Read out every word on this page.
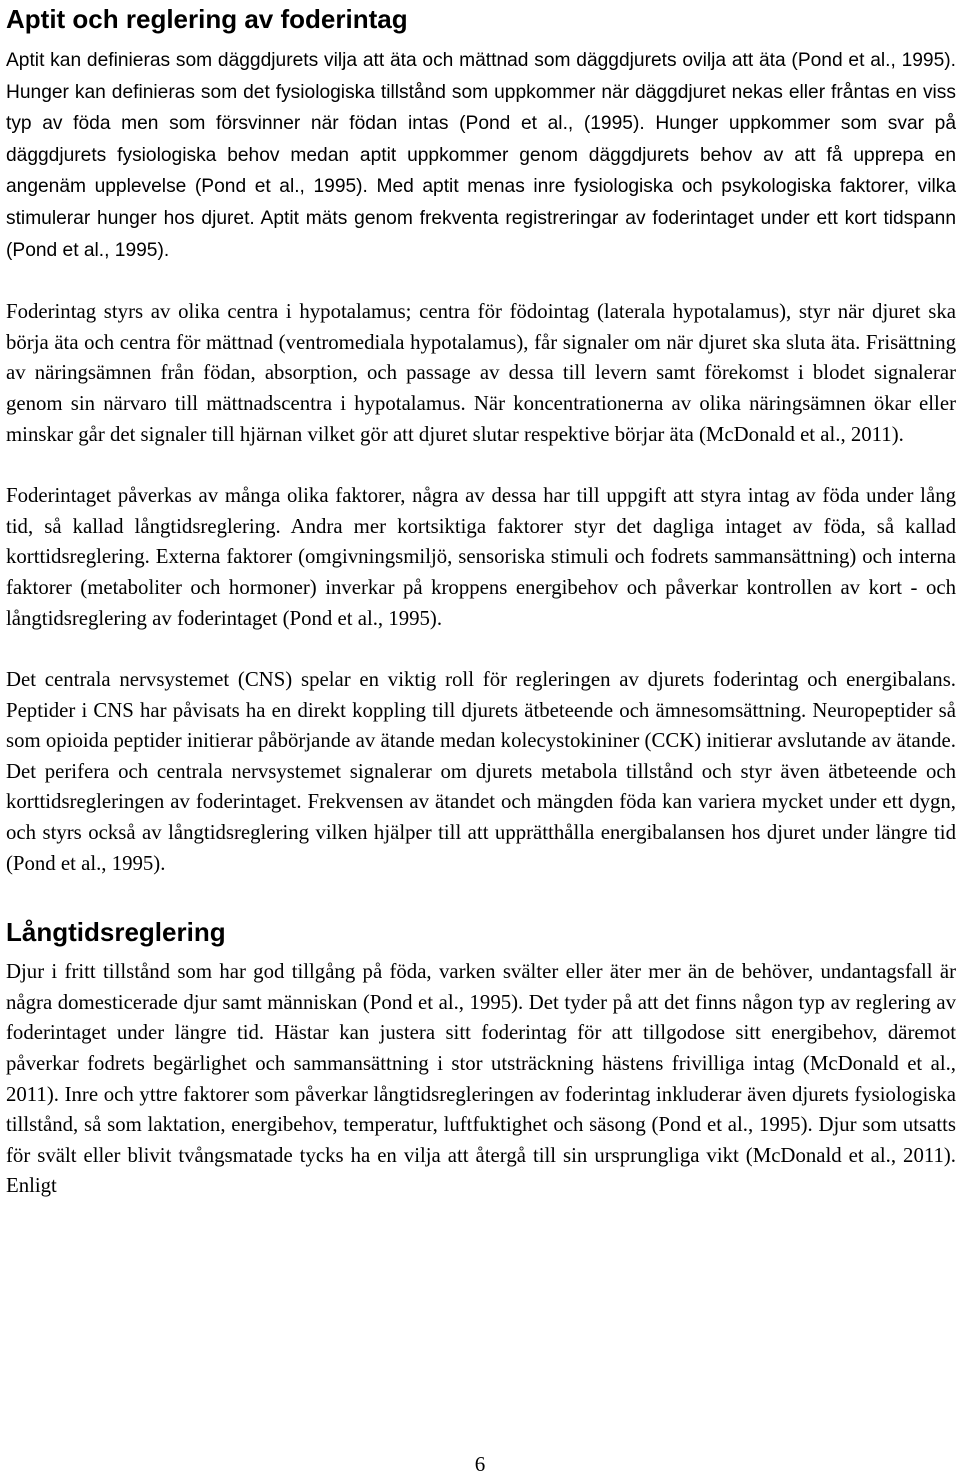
Aptit och reglering av foderintag

Aptit kan definieras som däggdjurets vilja att äta och mättnad som däggdjurets ovilja att äta (Pond et al., 1995). Hunger kan definieras som det fysiologiska tillstånd som uppkommer när däggdjuret nekas eller fråntas en viss typ av föda men som försvinner när födan intas (Pond et al., (1995). Hunger uppkommer som svar på däggdjurets fysiologiska behov medan aptit uppkommer genom däggdjurets behov av att få upprepa en angenäm upplevelse (Pond et al., 1995). Med aptit menas inre fysiologiska och psykologiska faktorer, vilka stimulerar hunger hos djuret. Aptit mäts genom frekventa registreringar av foderintaget under ett kort tidspann (Pond et al., 1995).

Foderintag styrs av olika centra i hypotalamus; centra för födointag (laterala hypotalamus), styr när djuret ska börja äta och centra för mättnad (ventromediala hypotalamus), får signaler om när djuret ska sluta äta. Frisättning av näringsämnen från födan, absorption, och passage av dessa till levern samt förekomst i blodet signalerar genom sin närvaro till mättnadscentra i hypotalamus. När koncentrationerna av olika näringsämnen ökar eller minskar går det signaler till hjärnan vilket gör att djuret slutar respektive börjar äta (McDonald et al., 2011).

Foderintaget påverkas av många olika faktorer, några av dessa har till uppgift att styra intag av föda under lång tid, så kallad långtidsreglering. Andra mer kortsiktiga faktorer styr det dagliga intaget av föda, så kallad korttidsreglering. Externa faktorer (omgivningsmiljö, sensoriska stimuli och fodrets sammansättning) och interna faktorer (metaboliter och hormoner) inverkar på kroppens energibehov och påverkar kontrollen av kort - och långtidsreglering av foderintaget (Pond et al., 1995).

Det centrala nervsystemet (CNS) spelar en viktig roll för regleringen av djurets foderintag och energibalans. Peptider i CNS har påvisats ha en direkt koppling till djurets ätbeteende och ämnesomsättning. Neuropeptider så som opioida peptider initierar påbörjande av ätande medan kolecystokininer (CCK) initierar avslutande av ätande. Det perifera och centrala nervsystemet signalerar om djurets metabola tillstånd och styr även ätbeteende och korttidsregleringen av foderintaget. Frekvensen av ätandet och mängden föda kan variera mycket under ett dygn, och styrs också av långtidsreglering vilken hjälper till att upprätthålla energibalansen hos djuret under längre tid (Pond et al., 1995).

Långtidsreglering

Djur i fritt tillstånd som har god tillgång på föda, varken svälter eller äter mer än de behöver, undantagsfall är några domesticerade djur samt människan (Pond et al., 1995). Det tyder på att det finns någon typ av reglering av foderintaget under längre tid. Hästar kan justera sitt foderintag för att tillgodose sitt energibehov, däremot påverkar fodrets begärlighet och sammansättning i stor utsträckning hästens frivilliga intag (McDonald et al., 2011). Inre och yttre faktorer som påverkar långtidsregleringen av foderintag inkluderar även djurets fysiologiska tillstånd, så som laktation, energibehov, temperatur, luftfuktighet och säsong (Pond et al., 1995). Djur som utsatts för svält eller blivit tvångsmatade tycks ha en vilja att återgå till sin ursprungliga vikt (McDonald et al., 2011). Enligt

6
